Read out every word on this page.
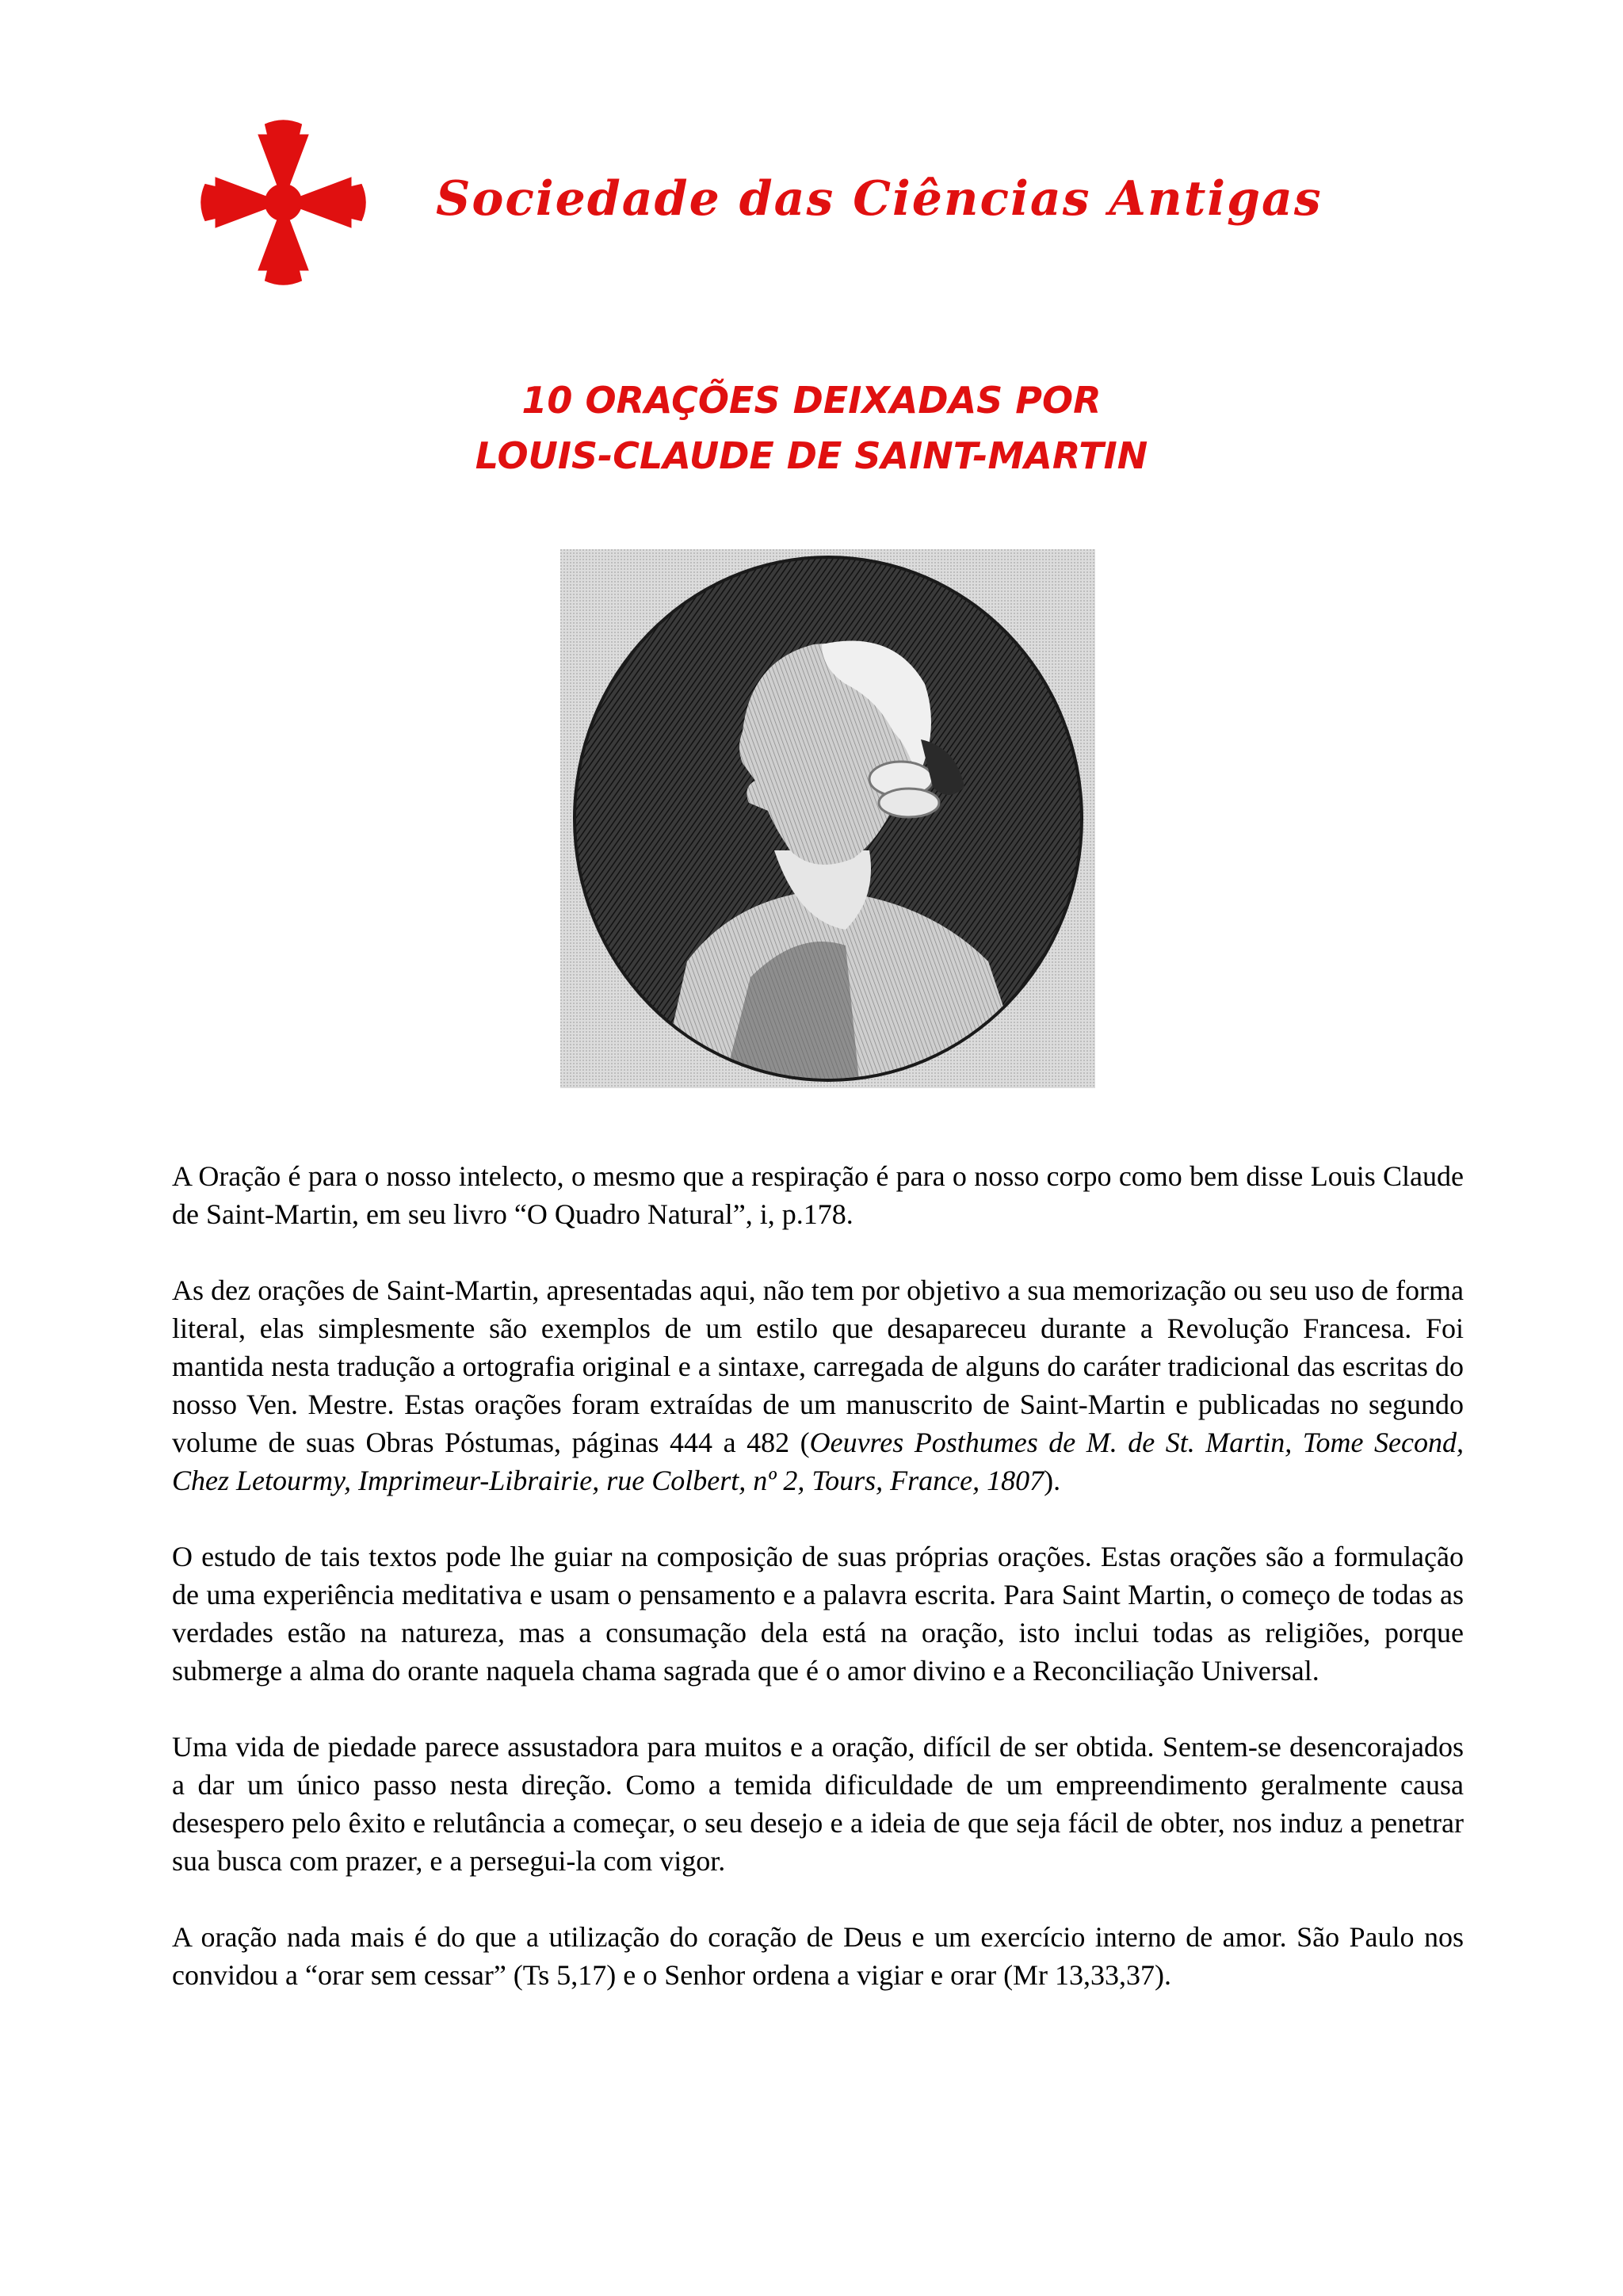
Sociedade das Ciências Antigas
10 ORAÇÕES DEIXADAS POR
LOUIS-CLAUDE DE SAINT-MARTIN

A Oração é para o nosso intelecto, o mesmo que a respiração é para o nosso corpo como bem disse Louis Claude de Saint-Martin, em seu livro “O Quadro Natural”, i, p.178.

As dez orações de Saint-Martin, apresentadas aqui, não tem por objetivo a sua memorização ou seu uso de forma literal, elas simplesmente são exemplos de um estilo que desapareceu durante a Revolução Francesa. Foi mantida nesta tradução a ortografia original e a sintaxe, carregada de alguns do caráter tradicional das escritas do nosso Ven. Mestre. Estas orações foram extraídas de um manuscrito de Saint-Martin e publicadas no segundo volume de suas Obras Póstumas, páginas 444 a 482 (Oeuvres Posthumes de M. de St. Martin, Tome Second, Chez Letourmy, Imprimeur-Librairie, rue Colbert, nº 2, Tours, France, 1807).

O estudo de tais textos pode lhe guiar na composição de suas próprias orações. Estas orações são a formulação de uma experiência meditativa e usam o pensamento e a palavra escrita. Para Saint Martin, o começo de todas as verdades estão na natureza, mas a consumação dela está na oração, isto inclui todas as religiões, porque submerge a alma do orante naquela chama sagrada que é o amor divino e a Reconciliação Universal.

Uma vida de piedade parece assustadora para muitos e a oração, difícil de ser obtida. Sentem-se desencorajados a dar um único passo nesta direção. Como a temida dificuldade de um empreendimento geralmente causa desespero pelo êxito e relutância a começar, o seu desejo e a ideia de que seja fácil de obter, nos induz a penetrar sua busca com prazer, e a persegui-la com vigor.

A oração nada mais é do que a utilização do coração de Deus e um exercício interno de amor. São Paulo nos convidou a “orar sem cessar” (Ts 5,17) e o Senhor ordena a vigiar e orar (Mr 13,33,37).
